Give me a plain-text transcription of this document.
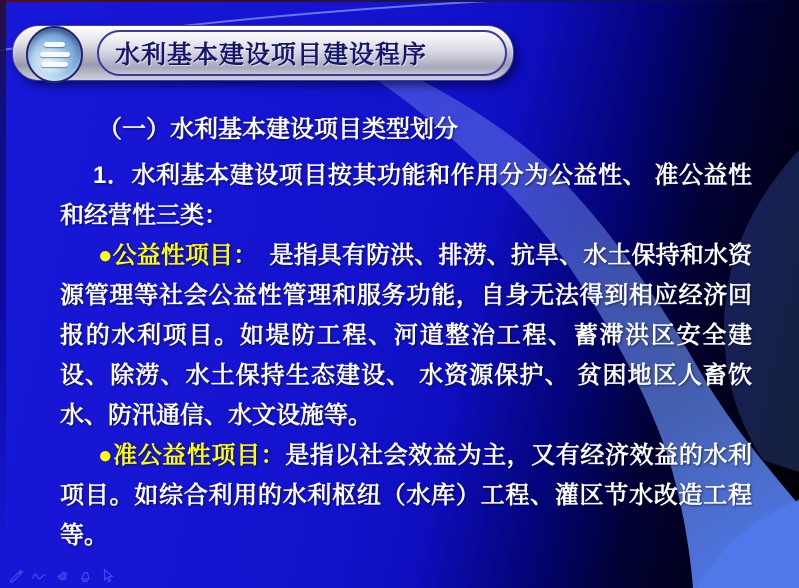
水利基本建设项目建设程序

（一）水利基本建设项目类型划分

1．水利基本建设项目按其功能和作用分为公益性、 准公益性和经营性三类：

●公益性项目：　是指具有防洪、排涝、抗旱、水土保持和水资源管理等社会公益性管理和服务功能，自身无法得到相应经济回报的水利项目。如堤防工程、河道整治工程、蓄滞洪区安全建设、除涝、水土保持生态建设、 水资源保护、 贫困地区人畜饮水、防汛通信、水文设施等。

●准公益性项目：是指以社会效益为主，又有经济效益的水利项目。如综合利用的水利枢纽（水库）工程、灌区节水改造工程等。
